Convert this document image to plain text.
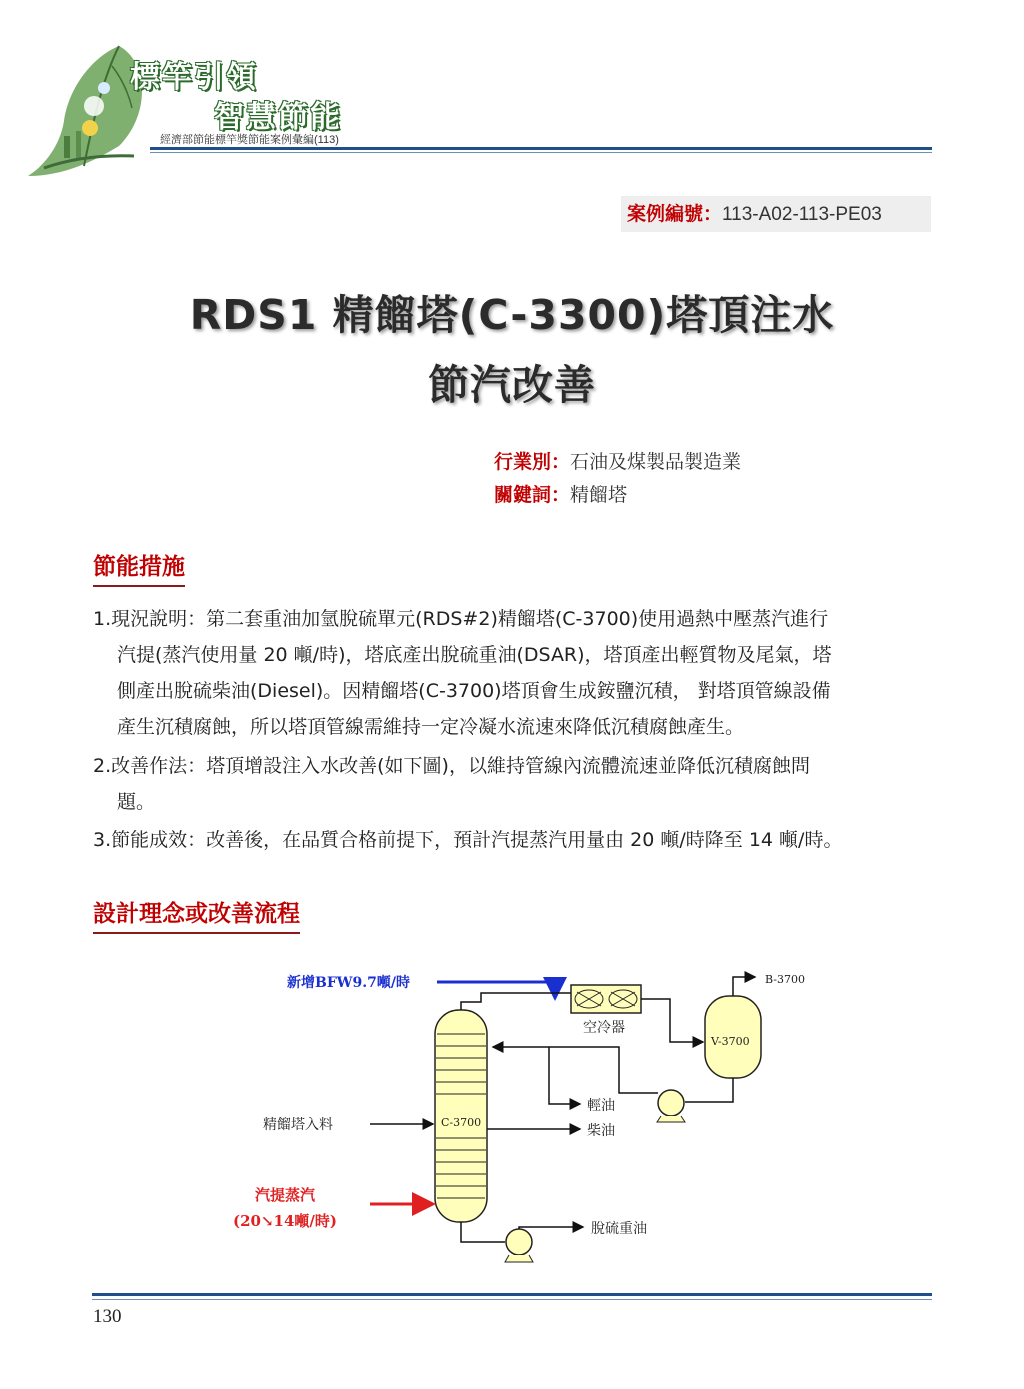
標竿引領
智慧節能
經濟部節能標竿獎節能案例彙編(113)
案例編號：113-A02-113-PE03
RDS1 精餾塔(C-3300)塔頂注水
節汽改善
行業別：石油及煤製品製造業
關鍵詞：精餾塔
節能措施
1.現況說明：第二套重油加氫脫硫單元(RDS#2)精餾塔(C-3700)使用過熱中壓蒸汽進行
汽提(蒸汽使用量 20 噸/時)，塔底產出脫硫重油(DSAR)，塔頂產出輕質物及尾氣，塔
側產出脫硫柴油(Diesel)。因精餾塔(C-3700)塔頂會生成銨鹽沉積， 對塔頂管線設備
產生沉積腐蝕，所以塔頂管線需維持一定冷凝水流速來降低沉積腐蝕產生。
2.改善作法：塔頂增設注入水改善(如下圖)，以維持管線內流體流速並降低沉積腐蝕問
題。
3.節能成效：改善後，在品質合格前提下，預計汽提蒸汽用量由 20 噸/時降至 14 噸/時。
設計理念或改善流程
新增BFW9.7噸/時
C-3700
空冷器
V-3700
B-3700
輕油
柴油
精餾塔入料
汽提蒸汽
(20↘14噸/時)	脫硫重油
130
